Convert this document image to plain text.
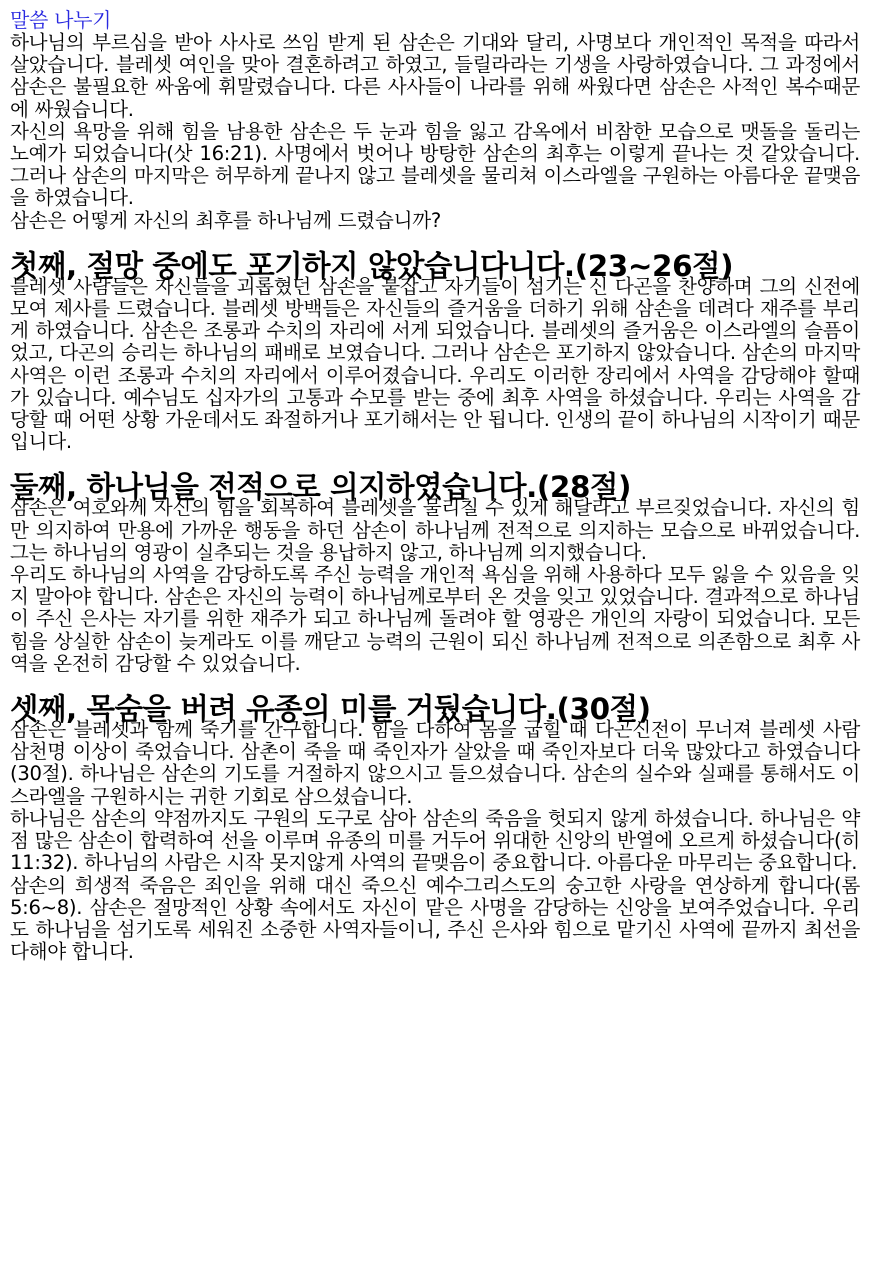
말씀 나누기

하나님의 부르심을 받아 사사로 쓰임 받게 된 삼손은 기대와 달리, 사명보다 개인적인 목적을 따라서 살았습니다. 블레셋 여인을 맞아 결혼하려고 하였고, 들릴라라는 기생을 사랑하였습니다. 그 과정에서 삼손은 불필요한 싸움에 휘말렸습니다. 다른 사사들이 나라를 위해 싸웠다면 삼손은 사적인 복수때문에 싸웠습니다.

자신의 욕망을 위해 힘을 남용한 삼손은 두 눈과 힘을 잃고 감옥에서 비참한 모습으로 맷돌을 돌리는 노예가 되었습니다(삿 16:21). 사명에서 벗어나 방탕한 삼손의 최후는 이렇게 끝나는 것 같았습니다. 그러나 삼손의 마지막은 허무하게 끝나지 않고 블레셋을 물리쳐 이스라엘을 구원하는 아름다운 끝맺음을 하였습니다.

삼손은 어떻게 자신의 최후를 하나님께 드렸습니까?

첫째, 절망 중에도 포기하지 않았습니다니다.(23~26절)

블레셋 사람들은 자신들을 괴롭혔던 삼손을 붙잡고 자기들이 섬기는 신 다곤을 찬양하며 그의 신전에 모여 제사를 드렸습니다. 블레셋 방백들은 자신들의 즐거움을 더하기 위해 삼손을 데려다 재주를 부리게 하였습니다. 삼손은 조롱과 수치의 자리에 서게 되었습니다. 블레셋의 즐거움은 이스라엘의 슬픔이었고, 다곤의 승리는 하나님의 패배로 보였습니다. 그러나 삼손은 포기하지 않았습니다. 삼손의 마지막 사역은 이런 조롱과 수치의 자리에서 이루어졌습니다. 우리도 이러한 장리에서 사역을 감당해야 할때가 있습니다. 예수님도 십자가의 고통과 수모를 받는 중에 최후 사역을 하셨습니다. 우리는 사역을 감당할 때 어떤 상황 가운데서도 좌절하거나 포기해서는 안 됩니다. 인생의 끝이 하나님의 시작이기 때문입니다.

둘째, 하나님을 전적으로 의지하였습니다.(28절)

삼손은 여호와께 자신의 힘을 회복하여 블레셋을 물리칠 수 있게 해달라고 부르짖었습니다. 자신의 힘만 의지하여 만용에 가까운 행동을 하던 삼손이 하나님께 전적으로 의지하는 모습으로 바뀌었습니다. 그는 하나님의 영광이 실추되는 것을 용납하지 않고, 하나님께 의지했습니다.

우리도 하나님의 사역을 감당하도록 주신 능력을 개인적 욕심을 위해 사용하다 모두 잃을 수 있음을 잊지 말아야 합니다. 삼손은 자신의 능력이 하나님께로부터 온 것을 잊고 있었습니다. 결과적으로 하나님이 주신 은사는 자기를 위한 재주가 되고 하나님께 돌려야 할 영광은 개인의 자랑이 되었습니다. 모든 힘을 상실한 삼손이 늦게라도 이를 깨닫고 능력의 근원이 되신 하나님께 전적으로 의존함으로 최후 사역을 온전히 감당할 수 있었습니다.

셋째, 목숨을 버려 유종의 미를 거뒀습니다.(30절)

삼손은 블레셋과 함께 죽기를 간구합니다. 힘을 다하여 몸을 굽힐 때 다곤신전이 무너져 블레셋 사람 삼천명 이상이 죽었습니다. 삼촌이 죽을 때 죽인자가 살았을 때 죽인자보다 더욱 많았다고 하였습니다(30절). 하나님은 삼손의 기도를 거절하지 않으시고 들으셨습니다. 삼손의 실수와 실패를 통해서도 이스라엘을 구원하시는 귀한 기회로 삼으셨습니다.

하나님은 삼손의 약점까지도 구원의 도구로 삼아 삼손의 죽음을 헛되지 않게 하셨습니다. 하나님은 약점 많은 삼손이 합력하여 선을 이루며 유종의 미를 거두어 위대한 신앙의 반열에 오르게 하셨습니다(히 11:32). 하나님의 사람은 시작 못지않게 사역의 끝맺음이 중요합니다. 아름다운 마무리는 중요합니다.

삼손의 희생적 죽음은 죄인을 위해 대신 죽으신 예수그리스도의 숭고한 사랑을 연상하게 합니다(롬 5:6~8). 삼손은 절망적인 상황 속에서도 자신이 맡은 사명을 감당하는 신앙을 보여주었습니다. 우리도 하나님을 섬기도록 세워진 소중한 사역자들이니, 주신 은사와 힘으로 맡기신 사역에 끝까지 최선을 다해야 합니다.
